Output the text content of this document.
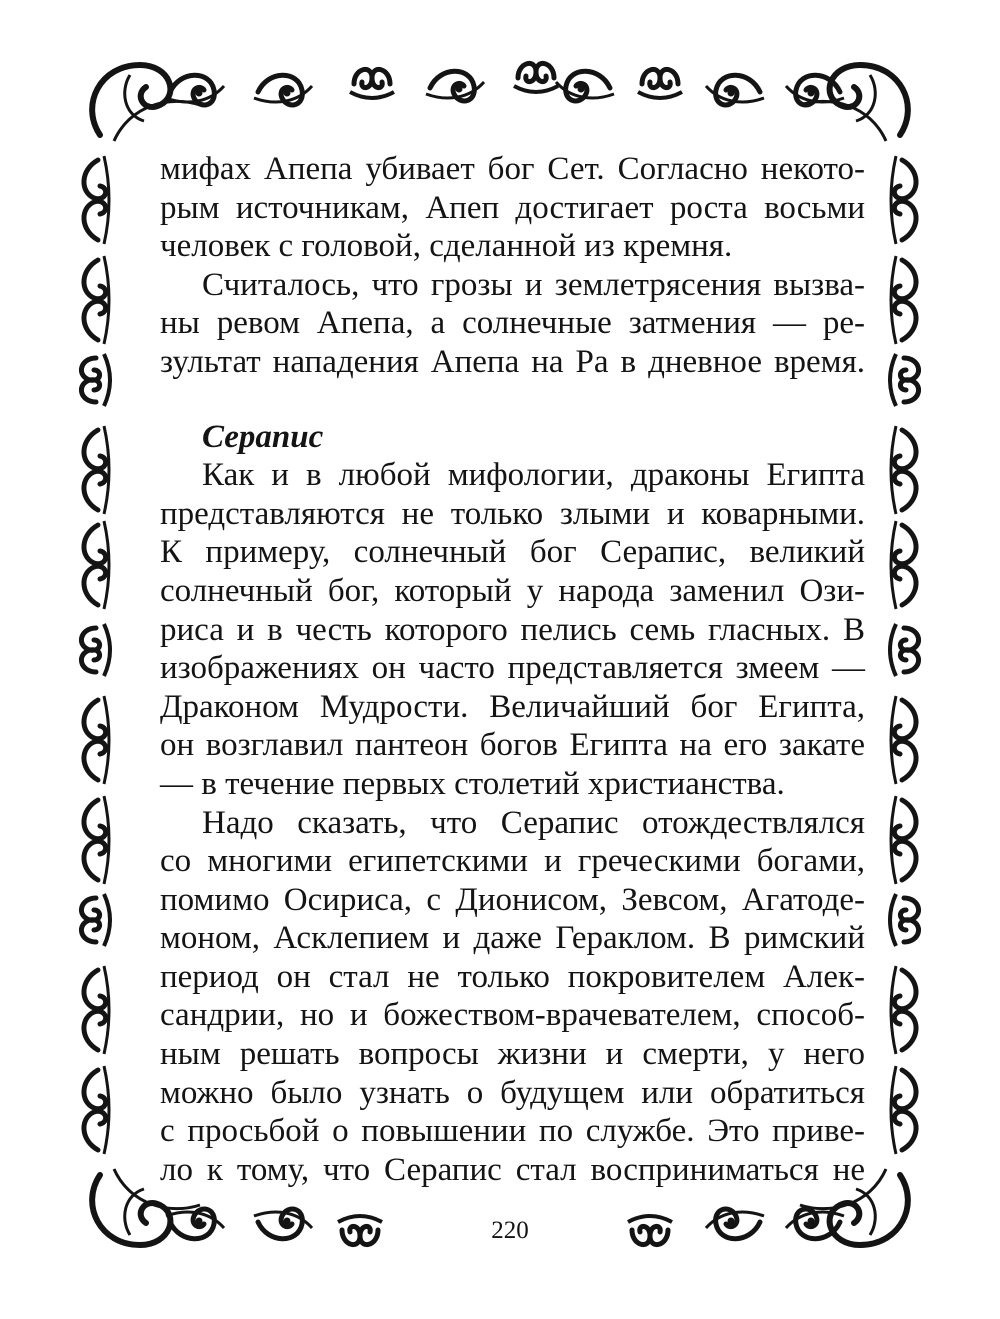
мифах Апепа убивает бог Сет. Согласно некото-
рым источникам, Апеп достигает роста восьми
человек с головой, сделанной из кремня.
Считалось, что грозы и землетрясения вызва-
ны ревом Апепа, а солнечные затмения — ре-
зультат нападения Апепа на Ра в дневное время.
Серапис
Как и в любой мифологии, драконы Египта
представляются не только злыми и коварными.
К примеру, солнечный бог Серапис, великий
солнечный бог, который у народа заменил Ози-
риса и в честь которого пелись семь гласных. В
изображениях он часто представляется змеем —
Драконом Мудрости. Величайший бог Египта,
он возглавил пантеон богов Египта на его закате
— в течение первых столетий христианства.
Надо сказать, что Серапис отождествлялся
со многими египетскими и греческими богами,
помимо Осириса, с Дионисом, Зевсом, Агатоде-
моном, Асклепием и даже Гераклом. В римский
период он стал не только покровителем Алек-
сандрии, но и божеством-врачевателем, способ-
ным решать вопросы жизни и смерти, у него
можно было узнать о будущем или обратиться
с просьбой о повышении по службе. Это приве-
ло к тому, что Серапис стал восприниматься не
220
